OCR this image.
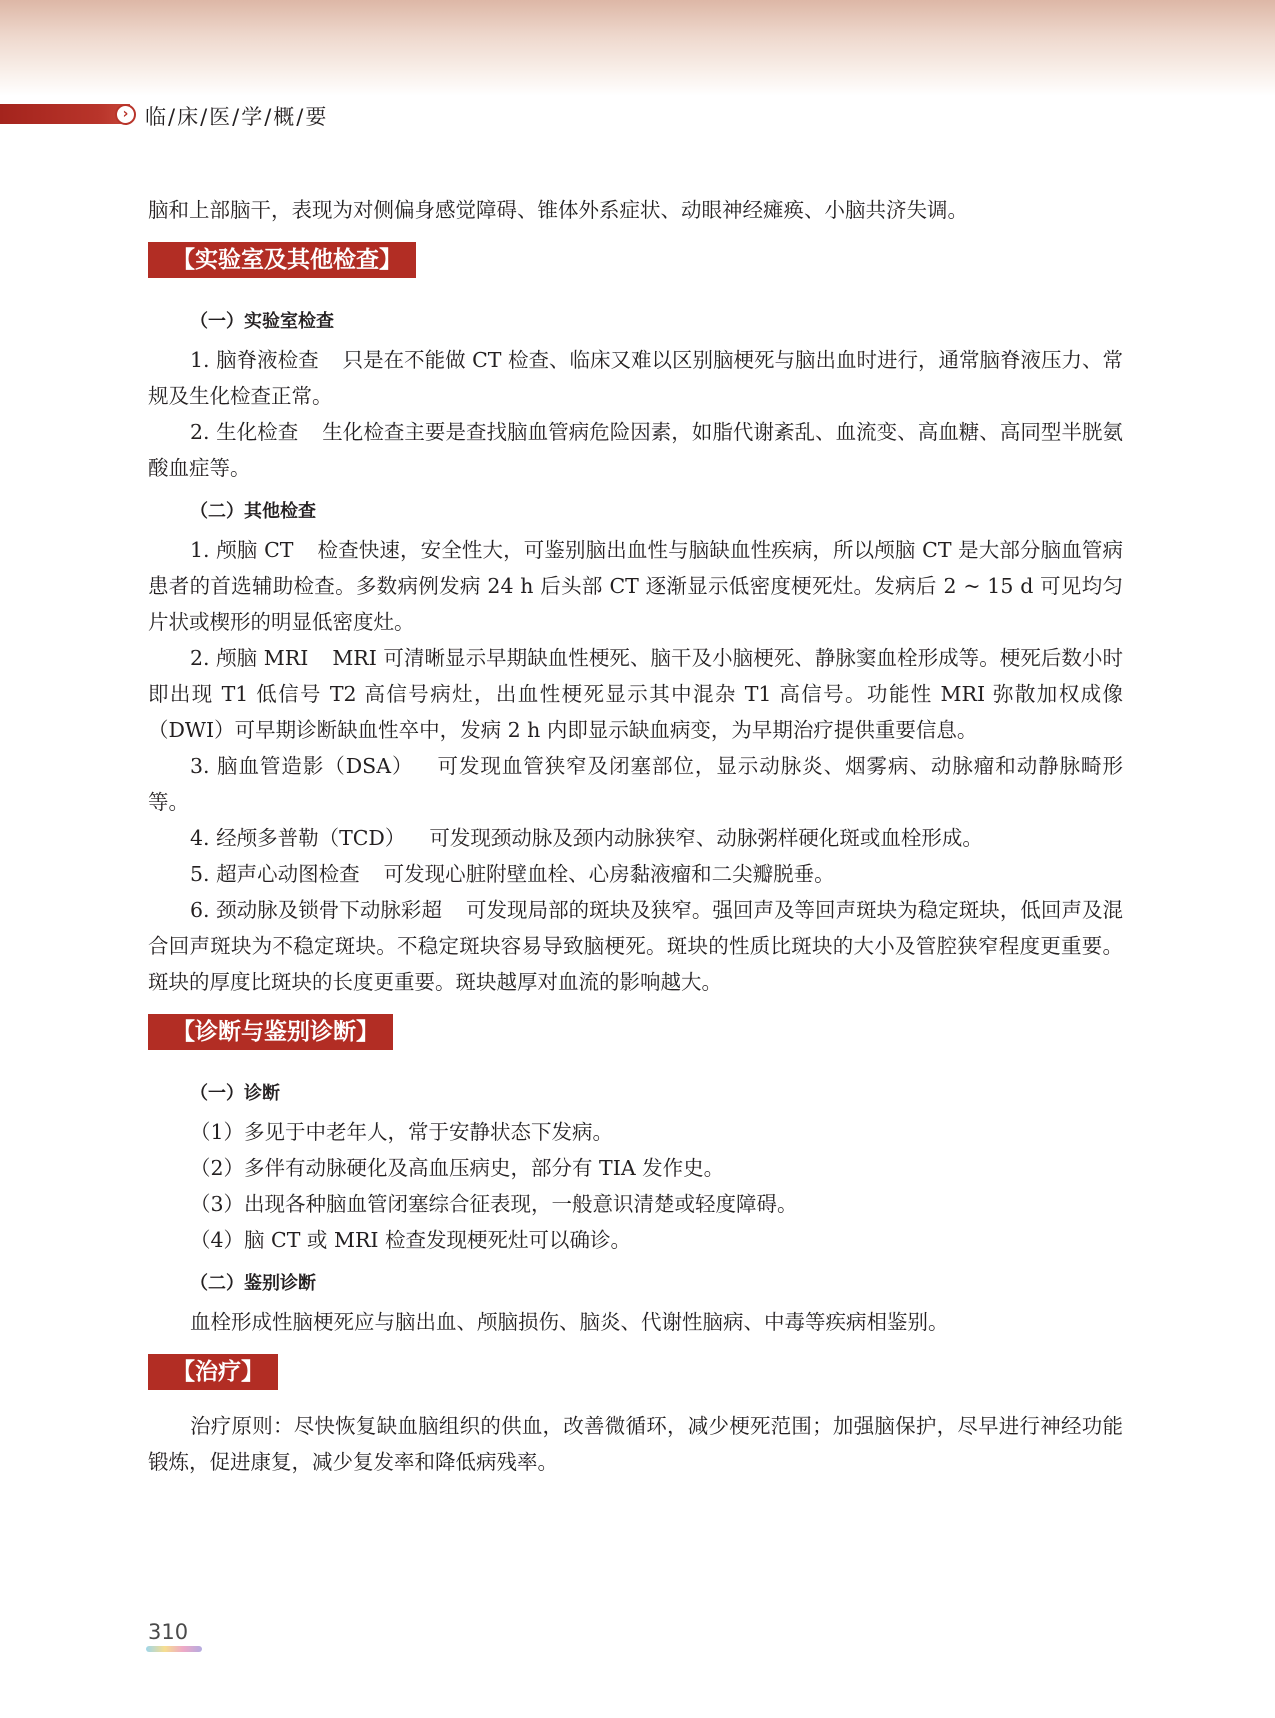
› 临/床/医/学/概/要

脑和上部脑干，表现为对侧偏身感觉障碍、锥体外系症状、动眼神经瘫痪、小脑共济失调。

【实验室及其他检查】
（一）实验室检查

1. 脑脊液检查 只是在不能做 CT 检查、临床又难以区别脑梗死与脑出血时进行，通常脑脊液压力、常规及生化检查正常。

2. 生化检查 生化检查主要是查找脑血管病危险因素，如脂代谢紊乱、血流变、高血糖、高同型半胱氨酸血症等。

（二）其他检查

1. 颅脑 CT 检查快速，安全性大，可鉴别脑出血性与脑缺血性疾病，所以颅脑 CT 是大部分脑血管病患者的首选辅助检查。多数病例发病 24 h 后头部 CT 逐渐显示低密度梗死灶。发病后 2 ~ 15 d 可见均匀片状或楔形的明显低密度灶。

2. 颅脑 MRI MRI 可清晰显示早期缺血性梗死、脑干及小脑梗死、静脉窦血栓形成等。梗死后数小时即出现 T1 低信号 T2 高信号病灶，出血性梗死显示其中混杂 T1 高信号。功能性 MRI 弥散加权成像（DWI）可早期诊断缺血性卒中，发病 2 h 内即显示缺血病变，为早期治疗提供重要信息。

3. 脑血管造影（DSA） 可发现血管狭窄及闭塞部位，显示动脉炎、烟雾病、动脉瘤和动静脉畸形等。

4. 经颅多普勒（TCD） 可发现颈动脉及颈内动脉狭窄、动脉粥样硬化斑或血栓形成。

5. 超声心动图检查 可发现心脏附壁血栓、心房黏液瘤和二尖瓣脱垂。

6. 颈动脉及锁骨下动脉彩超 可发现局部的斑块及狭窄。强回声及等回声斑块为稳定斑块，低回声及混合回声斑块为不稳定斑块。不稳定斑块容易导致脑梗死。斑块的性质比斑块的大小及管腔狭窄程度更重要。斑块的厚度比斑块的长度更重要。斑块越厚对血流的影响越大。

【诊断与鉴别诊断】
（一）诊断

（1）多见于中老年人，常于安静状态下发病。

（2）多伴有动脉硬化及高血压病史，部分有 TIA 发作史。

（3）出现各种脑血管闭塞综合征表现，一般意识清楚或轻度障碍。

（4）脑 CT 或 MRI 检查发现梗死灶可以确诊。

（二）鉴别诊断

血栓形成性脑梗死应与脑出血、颅脑损伤、脑炎、代谢性脑病、中毒等疾病相鉴别。

【治疗】

治疗原则：尽快恢复缺血脑组织的供血，改善微循环，减少梗死范围；加强脑保护，尽早进行神经功能锻炼，促进康复，减少复发率和降低病残率。

310
